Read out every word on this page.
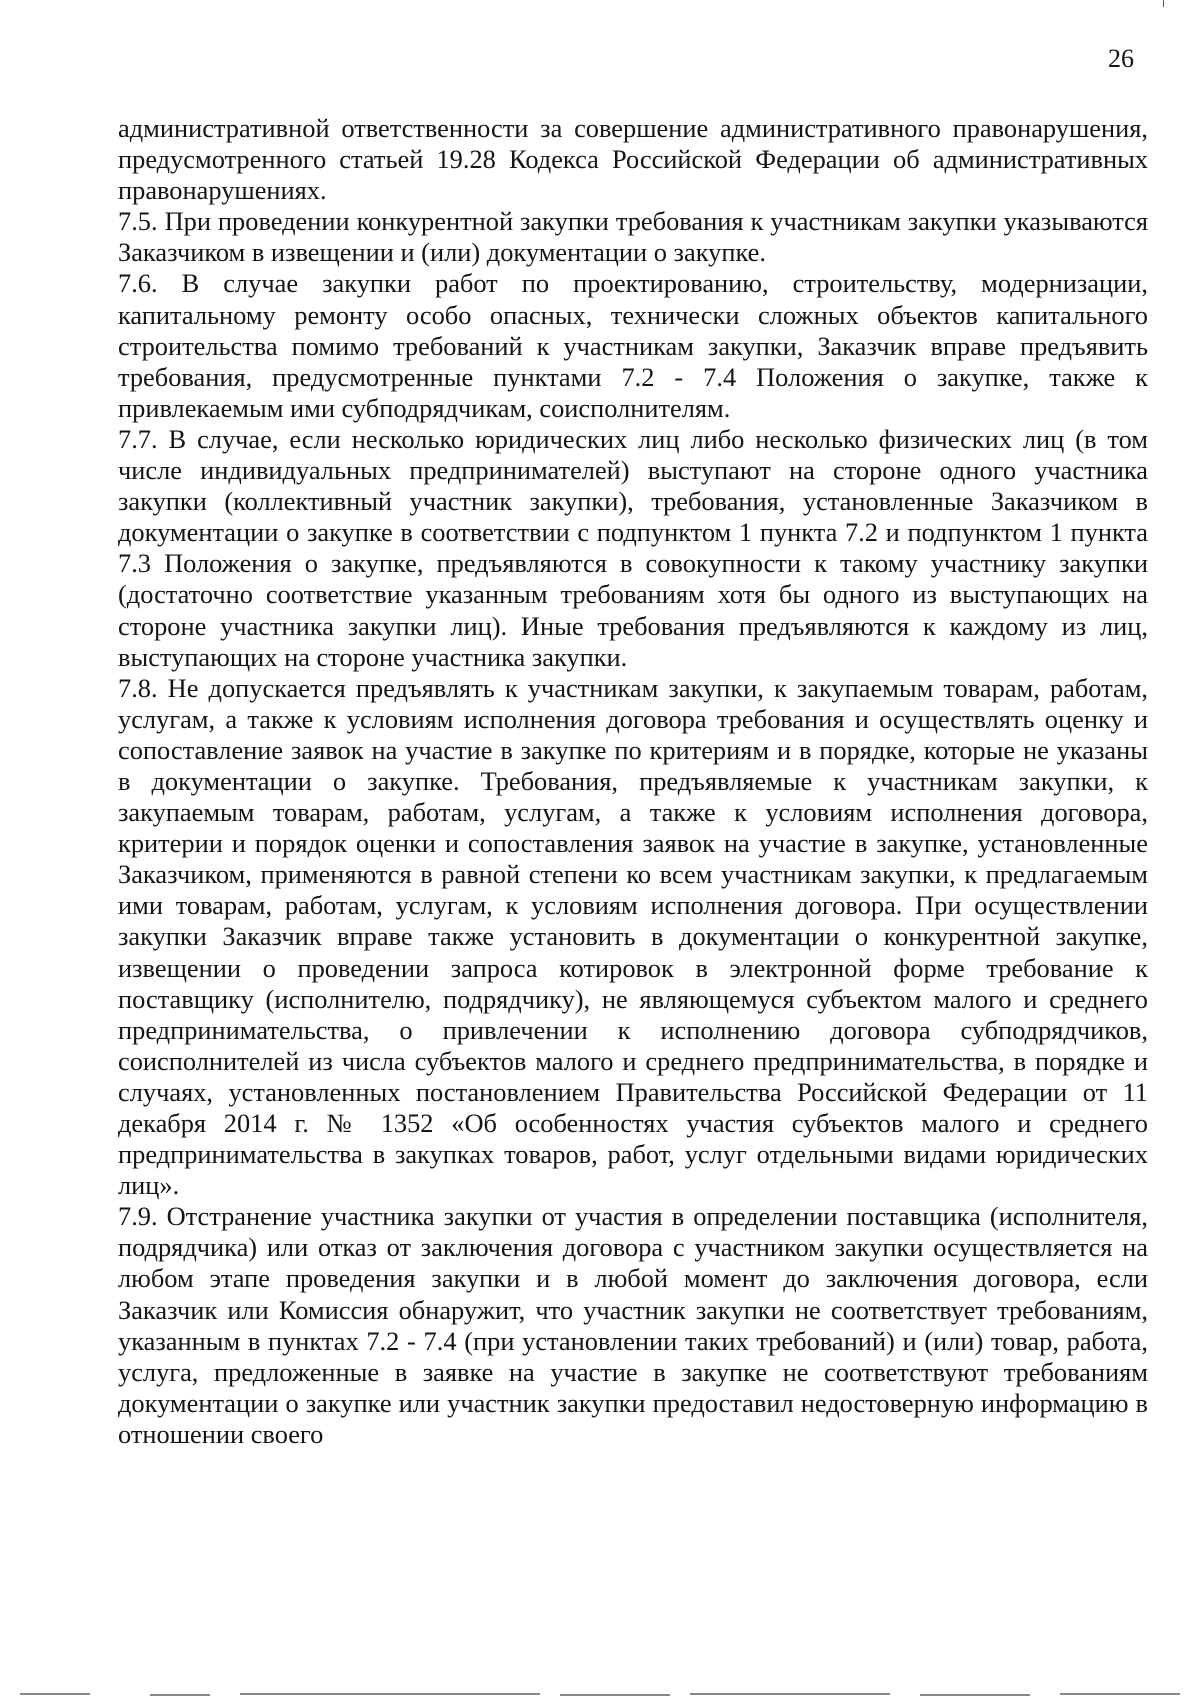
26

административной ответственности за совершение административного правонарушения, предусмотренного статьей 19.28 Кодекса Российской Федерации об административных правонарушениях.

7.5. При проведении конкурентной закупки требования к участникам закупки указываются Заказчиком в извещении и (или) документации о закупке.

7.6. В случае закупки работ по проектированию, строительству, модернизации, капитальному ремонту особо опасных, технически сложных объектов капитального строительства помимо требований к участникам закупки, Заказчик вправе предъявить требования, предусмотренные пунктами 7.2 - 7.4 Положения о закупке, также к привлекаемым ими субподрядчикам, соисполнителям.

7.7. В случае, если несколько юридических лиц либо несколько физических лиц (в том числе индивидуальных предпринимателей) выступают на стороне одного участника закупки (коллективный участник закупки), требования, установленные Заказчиком в документации о закупке в соответствии с подпунктом 1 пункта 7.2 и подпунктом 1 пункта 7.3 Положения о закупке, предъявляются в совокупности к такому участнику закупки (достаточно соответствие указанным требованиям хотя бы одного из выступающих на стороне участника закупки лиц). Иные требования предъявляются к каждому из лиц, выступающих на стороне участника закупки.

7.8. Не допускается предъявлять к участникам закупки, к закупаемым товарам, работам, услугам, а также к условиям исполнения договора требования и осуществлять оценку и сопоставление заявок на участие в закупке по критериям и в порядке, которые не указаны в документации о закупке. Требования, предъявляемые к участникам закупки, к закупаемым товарам, работам, услугам, а также к условиям исполнения договора, критерии и порядок оценки и сопоставления заявок на участие в закупке, установленные Заказчиком, применяются в равной степени ко всем участникам закупки, к предлагаемым ими товарам, работам, услугам, к условиям исполнения договора. При осуществлении закупки Заказчик вправе также установить в документации о конкурентной закупке, извещении о проведении запроса котировок в электронной форме требование к поставщику (исполнителю, подрядчику), не являющемуся субъектом малого и среднего предпринимательства, о привлечении к исполнению договора субподрядчиков, соисполнителей из числа субъектов малого и среднего предпринимательства, в порядке и случаях, установленных постановлением Правительства Российской Федерации от 11 декабря 2014 г. № 1352 «Об особенностях участия субъектов малого и среднего предпринимательства в закупках товаров, работ, услуг отдельными видами юридических лиц».

7.9. Отстранение участника закупки от участия в определении поставщика (исполнителя, подрядчика) или отказ от заключения договора с участником закупки осуществляется на любом этапе проведения закупки и в любой момент до заключения договора, если Заказчик или Комиссия обнаружит, что участник закупки не соответствует требованиям, указанным в пунктах 7.2 - 7.4 (при установлении таких требований) и (или) товар, работа, услуга, предложенные в заявке на участие в закупке не соответствуют требованиям документации о закупке или участник закупки предоставил недостоверную информацию в отношении своего
